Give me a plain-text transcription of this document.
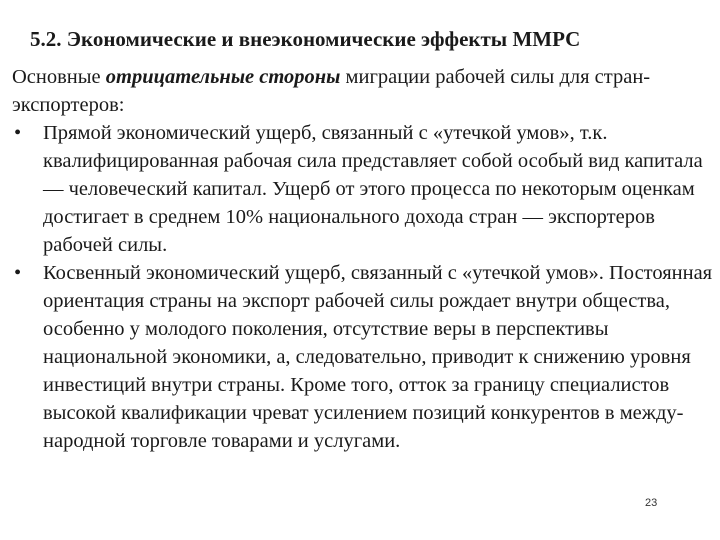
5.2. Экономические и внеэкономические эффекты ММРС

Основные отрицательные стороны миграции рабочей силы для стран-экспортеров:

• Прямой экономический ущерб, связанный с «утечкой умов», т.к. квалифицированная рабочая сила представляет собой особый вид капитала — человеческий капитал. Ущерб от этого процесса по некоторым оценкам достигает в среднем 10% национального дохода стран — экспортеров рабочей силы.
• Косвенный экономический ущерб, связанный с «утечкой умов». Постоянная ориентация страны на экспорт рабочей силы рождает внутри общества, особенно у молодого поколения, отсутствие веры в перспективы национальной экономики, а, следовательно, приводит к снижению уровня инвестиций внутри страны. Кроме того, отток за границу специалистов высокой квалификации чреват усилением позиций конкурентов в между-народной торговле товарами и услугами.
23
